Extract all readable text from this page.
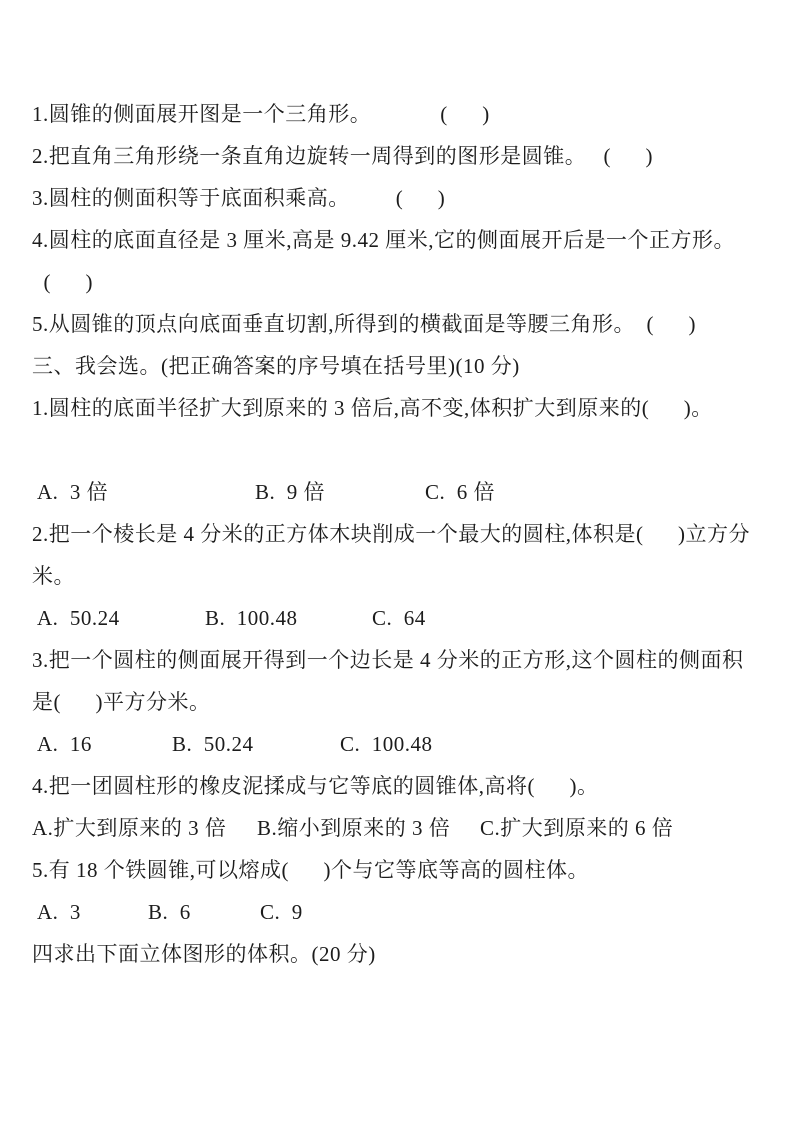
1.圆锥的侧面展开图是一个三角形。            (      )
2.把直角三角形绕一条直角边旋转一周得到的图形是圆锥。   (      )
3.圆柱的侧面积等于底面积乘高。        (      )
4.圆柱的底面直径是 3 厘米,高是 9.42 厘米,它的侧面展开后是一个正方形。
(      )
5.从圆锥的顶点向底面垂直切割,所得到的横截面是等腰三角形。  (      )
三、我会选。(把正确答案的序号填在括号里)(10 分)
1.圆柱的底面半径扩大到原来的 3 倍后,高不变,体积扩大到原来的(      )。

A.  3 倍

	B.  9 倍

	C.  6 倍

2.把一个棱长是 4 分米的正方体木块削成一个最大的圆柱,体积是(      )立方分
米。

A.  50.24

	B.  100.48

	C.  64

3.把一个圆柱的侧面展开得到一个边长是 4 分米的正方形,这个圆柱的侧面积
是(      )平方分米。

A.  16

	B.  50.24

	C.  100.48

4.把一团圆柱形的橡皮泥揉成与它等底的圆锥体,高将(      )。

A.扩大到原来的 3 倍

B.缩小到原来的 3 倍

C.扩大到原来的 6 倍

5.有 18 个铁圆锥,可以熔成(      )个与它等底等高的圆柱体。

A.  3

	B.  6

	C.  9

四求出下面立体图形的体积。(20 分)
